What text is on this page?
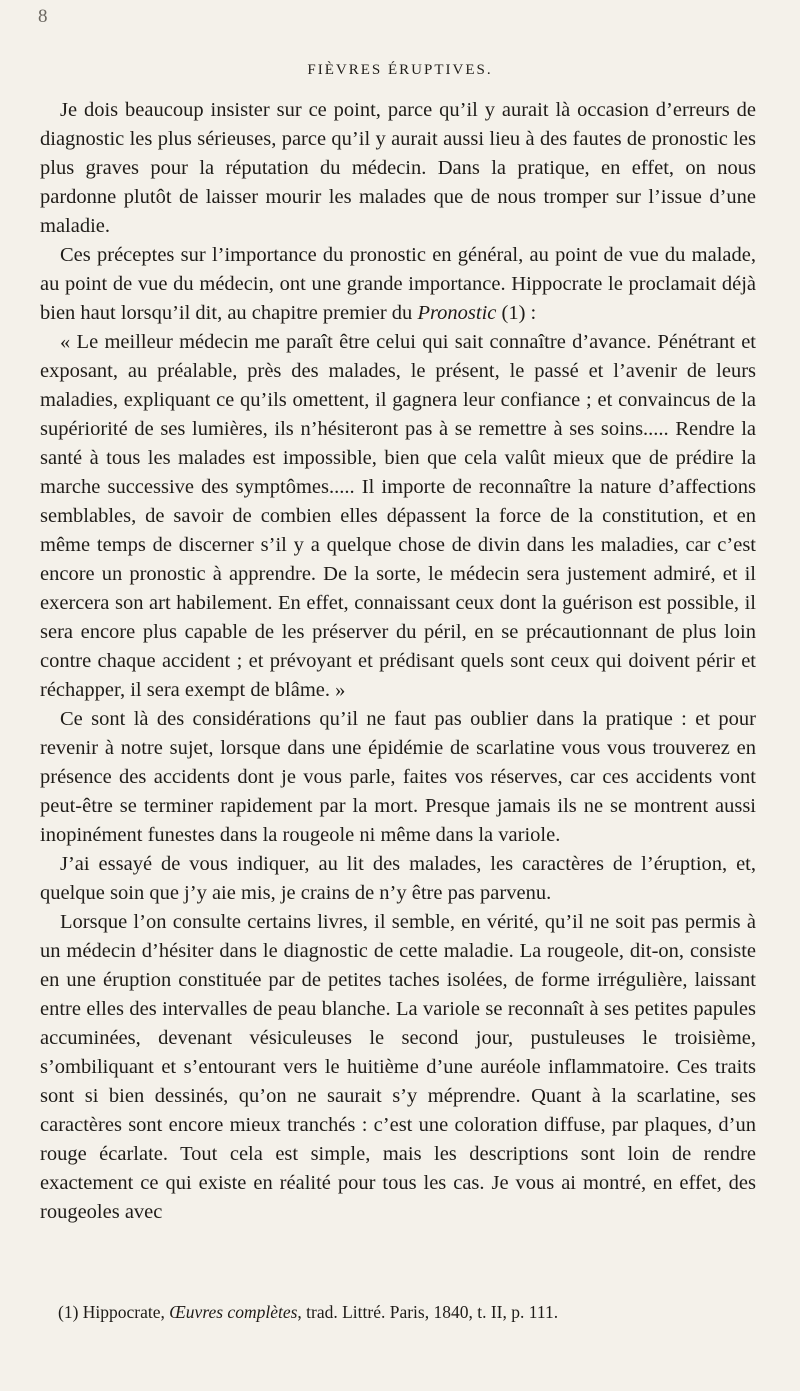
8
FIÈVRES ÉRUPTIVES.

Je dois beaucoup insister sur ce point, parce qu’il y aurait là occasion d’erreurs de diagnostic les plus sérieuses, parce qu’il y aurait aussi lieu à des fautes de pronostic les plus graves pour la réputation du médecin. Dans la pratique, en effet, on nous pardonne plutôt de laisser mourir les malades que de nous tromper sur l’issue d’une maladie.

Ces préceptes sur l’importance du pronostic en général, au point de vue du malade, au point de vue du médecin, ont une grande importance. Hippocrate le proclamait déjà bien haut lorsqu’il dit, au chapitre premier du Pronostic (1) :

« Le meilleur médecin me paraît être celui qui sait connaître d’avance. Pénétrant et exposant, au préalable, près des malades, le présent, le passé et l’avenir de leurs maladies, expliquant ce qu’ils omettent, il gagnera leur confiance ; et convaincus de la supériorité de ses lumières, ils n’hésiteront pas à se remettre à ses soins..... Rendre la santé à tous les malades est impossible, bien que cela valût mieux que de prédire la marche successive des symptômes..... Il importe de reconnaître la nature d’affections semblables, de savoir de combien elles dépassent la force de la constitution, et en même temps de discerner s’il y a quelque chose de divin dans les maladies, car c’est encore un pronostic à apprendre. De la sorte, le médecin sera justement admiré, et il exercera son art habilement. En effet, connaissant ceux dont la guérison est possible, il sera encore plus capable de les préserver du péril, en se précautionnant de plus loin contre chaque accident ; et prévoyant et prédisant quels sont ceux qui doivent périr et réchapper, il sera exempt de blâme. »

Ce sont là des considérations qu’il ne faut pas oublier dans la pratique : et pour revenir à notre sujet, lorsque dans une épidémie de scarlatine vous vous trouverez en présence des accidents dont je vous parle, faites vos réserves, car ces accidents vont peut-être se terminer rapidement par la mort. Presque jamais ils ne se montrent aussi inopinément funestes dans la rougeole ni même dans la variole.

J’ai essayé de vous indiquer, au lit des malades, les caractères de l’éruption, et, quelque soin que j’y aie mis, je crains de n’y être pas parvenu.

Lorsque l’on consulte certains livres, il semble, en vérité, qu’il ne soit pas permis à un médecin d’hésiter dans le diagnostic de cette maladie. La rougeole, dit-on, consiste en une éruption constituée par de petites taches isolées, de forme irrégulière, laissant entre elles des intervalles de peau blanche. La variole se reconnaît à ses petites papules accuminées, devenant vésiculeuses le second jour, pustuleuses le troisième, s’ombiliquant et s’entourant vers le huitième d’une auréole inflammatoire. Ces traits sont si bien dessinés, qu’on ne saurait s’y méprendre. Quant à la scarlatine, ses caractères sont encore mieux tranchés : c’est une coloration diffuse, par plaques, d’un rouge écarlate. Tout cela est simple, mais les descriptions sont loin de rendre exactement ce qui existe en réalité pour tous les cas. Je vous ai montré, en effet, des rougeoles avec

(1) Hippocrate, Œuvres complètes, trad. Littré. Paris, 1840, t. II, p. 111.
